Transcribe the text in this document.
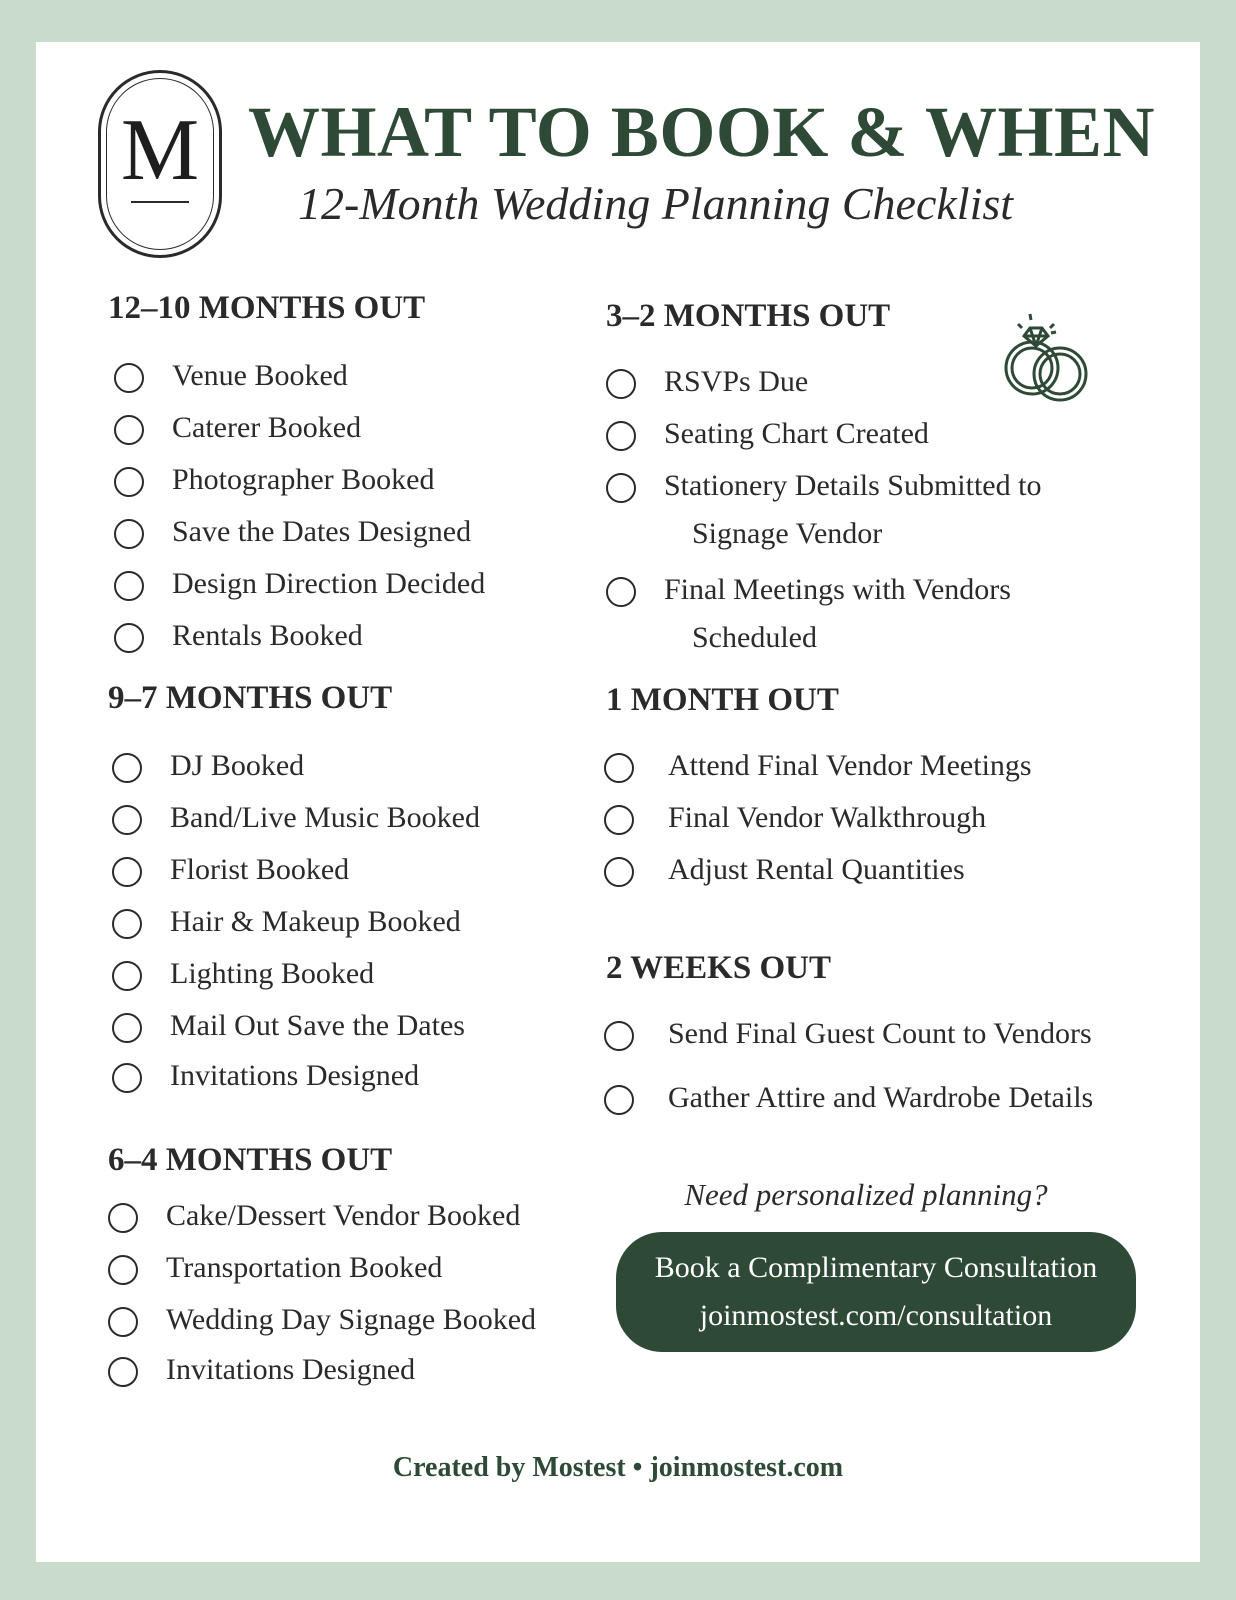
M WHAT TO BOOK & WHEN
12-Month Wedding Planning Checklist
12–10 MONTHS OUT
Venue Booked
Caterer Booked
Photographer Booked
Save the Dates Designed
Design Direction Decided
Rentals Booked
9–7 MONTHS OUT
DJ Booked
Band/Live Music Booked
Florist Booked
Hair & Makeup Booked
Lighting Booked
Mail Out Save the Dates
Invitations Designed
6–4 MONTHS OUT
Cake/Dessert Vendor Booked
Transportation Booked
Wedding Day Signage Booked
Invitations Designed
3–2 MONTHS OUT
RSVPs Due
Seating Chart Created
Stationery Details Submitted to
Signage Vendor
Final Meetings with Vendors
Scheduled
1 MONTH OUT
Attend Final Vendor Meetings
Final Vendor Walkthrough
Adjust Rental Quantities
2 WEEKS OUT
Send Final Guest Count to Vendors
Gather Attire and Wardrobe Details
Need personalized planning?
Book a Complimentary Consultation
joinmostest.com/consultation
Created by Mostest • joinmostest.com
